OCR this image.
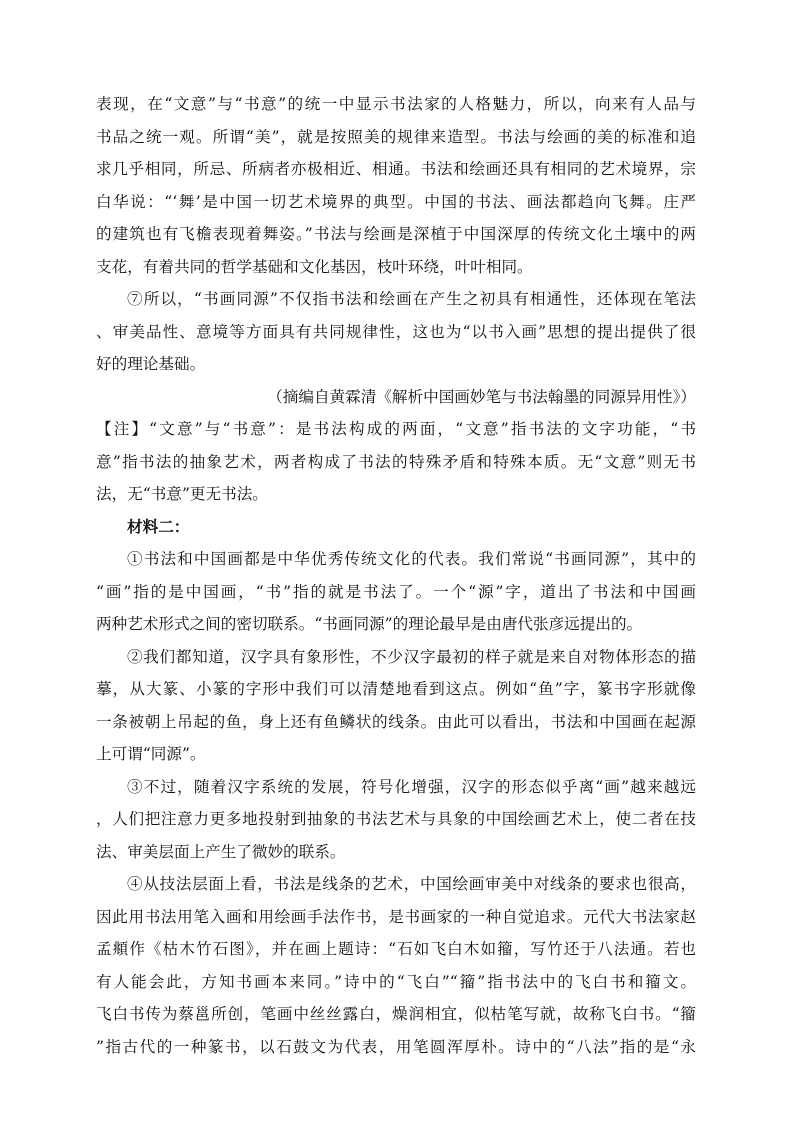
表现，在“文意”与“书意”的统一中显示书法家的人格魅力，所以，向来有人品与
书品之统一观。所谓“美”，就是按照美的规律来造型。书法与绘画的美的标准和追
求几乎相同，所忌、所病者亦极相近、相通。书法和绘画还具有相同的艺术境界，宗
白华说：“‘舞’是中国一切艺术境界的典型。中国的书法、画法都趋向飞舞。庄严
的建筑也有飞檐表现着舞姿。”书法与绘画是深植于中国深厚的传统文化土壤中的两
支花，有着共同的哲学基础和文化基因，枝叶环绕，叶叶相同。
⑦所以，“书画同源”不仅指书法和绘画在产生之初具有相通性，还体现在笔法
、审美品性、意境等方面具有共同规律性，这也为“以书入画”思想的提出提供了很
好的理论基础。
（摘编自黄霖清《解析中国画妙笔与书法翰墨的同源异用性》）
【注】“文意”与“书意”：是书法构成的两面，“文意”指书法的文字功能，“书
意”指书法的抽象艺术，两者构成了书法的特殊矛盾和特殊本质。无“文意”则无书
法，无“书意”更无书法。
材料二：
①书法和中国画都是中华优秀传统文化的代表。我们常说“书画同源”，其中的
“画”指的是中国画，“书”指的就是书法了。一个“源”字，道出了书法和中国画
两种艺术形式之间的密切联系。“书画同源”的理论最早是由唐代张彦远提出的。
②我们都知道，汉字具有象形性，不少汉字最初的样子就是来自对物体形态的描
摹，从大篆、小篆的字形中我们可以清楚地看到这点。例如“鱼”字，篆书字形就像
一条被朝上吊起的鱼，身上还有鱼鳞状的线条。由此可以看出，书法和中国画在起源
上可谓“同源”。
③不过，随着汉字系统的发展，符号化增强，汉字的形态似乎离“画”越来越远
，人们把注意力更多地投射到抽象的书法艺术与具象的中国绘画艺术上，使二者在技
法、审美层面上产生了微妙的联系。
④从技法层面上看，书法是线条的艺术，中国绘画审美中对线条的要求也很高，
因此用书法用笔入画和用绘画手法作书，是书画家的一种自觉追求。元代大书法家赵
孟頫作《枯木竹石图》，并在画上题诗：“石如飞白木如籀，写竹还于八法通。若也
有人能会此，方知书画本来同。”诗中的“飞白”“籀”指书法中的飞白书和籀文。
飞白书传为蔡邕所创，笔画中丝丝露白，燥润相宜，似枯笔写就，故称飞白书。“籀
”指古代的一种篆书，以石鼓文为代表，用笔圆浑厚朴。诗中的“八法”指的是“永
